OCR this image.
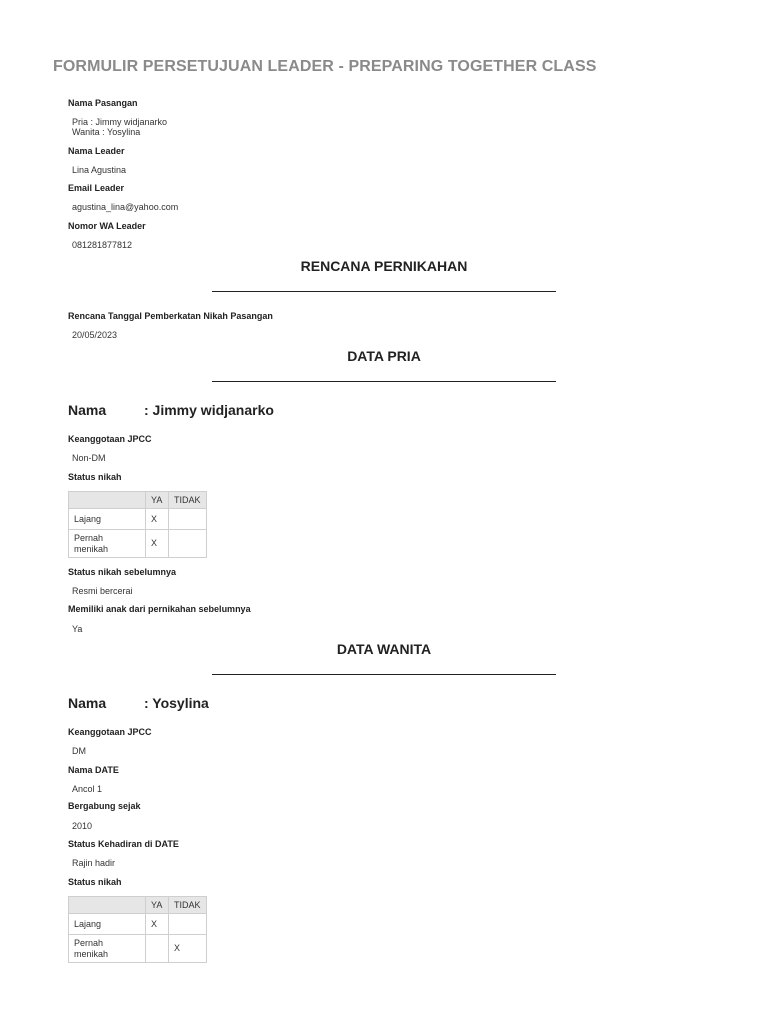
FORMULIR PERSETUJUAN LEADER - PREPARING TOGETHER CLASS
Nama Pasangan
Pria : Jimmy widjanarko
Wanita : Yosylina
Nama Leader
Lina Agustina
Email Leader
agustina_lina@yahoo.com
Nomor WA Leader
081281877812
RENCANA PERNIKAHAN
Rencana Tanggal Pemberkatan Nikah Pasangan
20/05/2023
DATA PRIA
Nama	: Jimmy widjanarko
Keanggotaan JPCC
Non-DM
Status nikah
	YA	TIDAK
Lajang	X	
Pernah
menikah	X	
Status nikah sebelumnya
Resmi bercerai
Memiliki anak dari pernikahan sebelumnya
Ya
DATA WANITA
Nama	: Yosylina
Keanggotaan JPCC
DM
Nama DATE
Ancol 1
Bergabung sejak
2010
Status Kehadiran di DATE
Rajin hadir
Status nikah
	YA	TIDAK
Lajang	X	
Pernah
menikah		X
